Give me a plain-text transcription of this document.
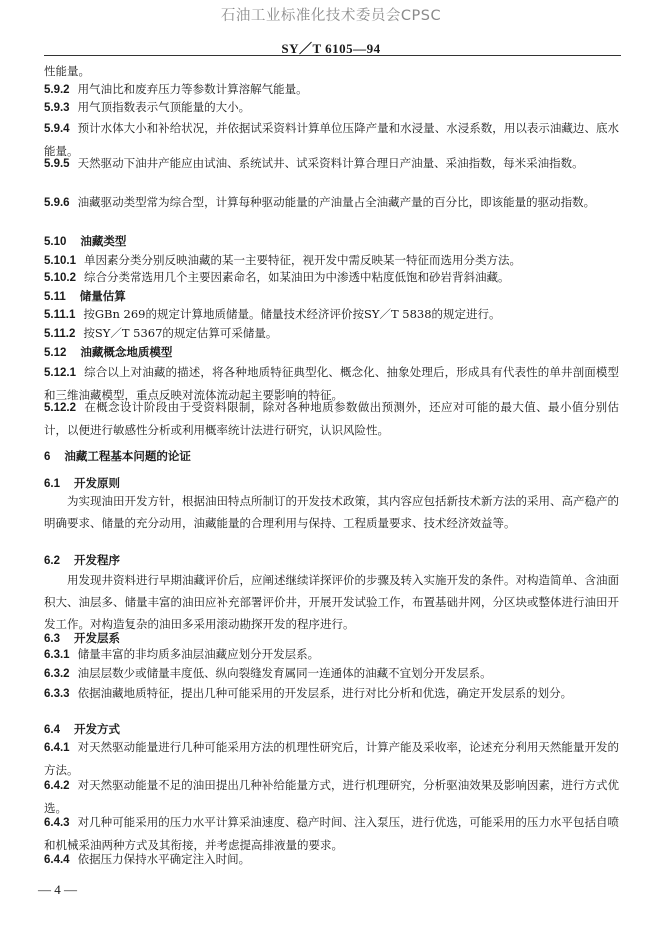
石油工业标准化技术委员会CPSC
SY／T 6105—94
性能量。
5.9.2 用气油比和废弃压力等参数计算溶解气能量。
5.9.3 用气顶指数表示气顶能量的大小。
5.9.4 预计水体大小和补给状况，并依据试采资料计算单位压降产量和水浸量、水浸系数，用以表示油藏边、底水能量。
5.9.5 天然驱动下油井产能应由试油、系统试井、试采资料计算合理日产油量、采油指数，每米采油指数。
5.9.6 油藏驱动类型常为综合型，计算每种驱动能量的产油量占全油藏产量的百分比，即该能量的驱动指数。
5.10 油藏类型
5.10.1 单因素分类分别反映油藏的某一主要特征，视开发中需反映某一特征而选用分类方法。
5.10.2 综合分类常选用几个主要因素命名，如某油田为中渗透中粘度低饱和砂岩背斜油藏。
5.11 储量估算
5.11.1 按GBn 269的规定计算地质储量。储量技术经济评价按SY／T 5838的规定进行。
5.11.2 按SY／T 5367的规定估算可采储量。
5.12 油藏概念地质模型
5.12.1 综合以上对油藏的描述，将各种地质特征典型化、概念化、抽象处理后，形成具有代表性的单井剖面模型和三维油藏模型，重点反映对流体流动起主要影响的特征。
5.12.2 在概念设计阶段由于受资料限制，除对各种地质参数做出预测外，还应对可能的最大值、最小值分别估计，以便进行敏感性分析或利用概率统计法进行研究，认识风险性。
6 油藏工程基本问题的论证
6.1 开发原则
为实现油田开发方针，根据油田特点所制订的开发技术政策，其内容应包括新技术新方法的采用、高产稳产的明确要求、储量的充分动用，油藏能量的合理利用与保持、工程质量要求、技术经济效益等。
6.2 开发程序
用发现井资料进行早期油藏评价后，应阐述继续详探评价的步骤及转入实施开发的条件。对构造简单、含油面积大、油层多、储量丰富的油田应补充部署评价井，开展开发试验工作，布置基础井网，分区块或整体进行油田开发工作。对构造复杂的油田多采用滚动勘探开发的程序进行。
6.3 开发层系
6.3.1 储量丰富的非均质多油层油藏应划分开发层系。
6.3.2 油层层数少或储量丰度低、纵向裂缝发育属同一连通体的油藏不宜划分开发层系。
6.3.3 依据油藏地质特征，提出几种可能采用的开发层系，进行对比分析和优选，确定开发层系的划分。
6.4 开发方式
6.4.1 对天然驱动能量进行几种可能采用方法的机理性研究后，计算产能及采收率，论述充分利用天然能量开发的方法。
6.4.2 对天然驱动能量不足的油田提出几种补给能量方式，进行机理研究，分析驱油效果及影响因素，进行方式优选。
6.4.3 对几种可能采用的压力水平计算采油速度、稳产时间、注入泵压，进行优选，可能采用的压力水平包括自喷和机械采油两种方式及其衔接，并考虑提高排液量的要求。
6.4.4 依据压力保持水平确定注入时间。
— 4 —
